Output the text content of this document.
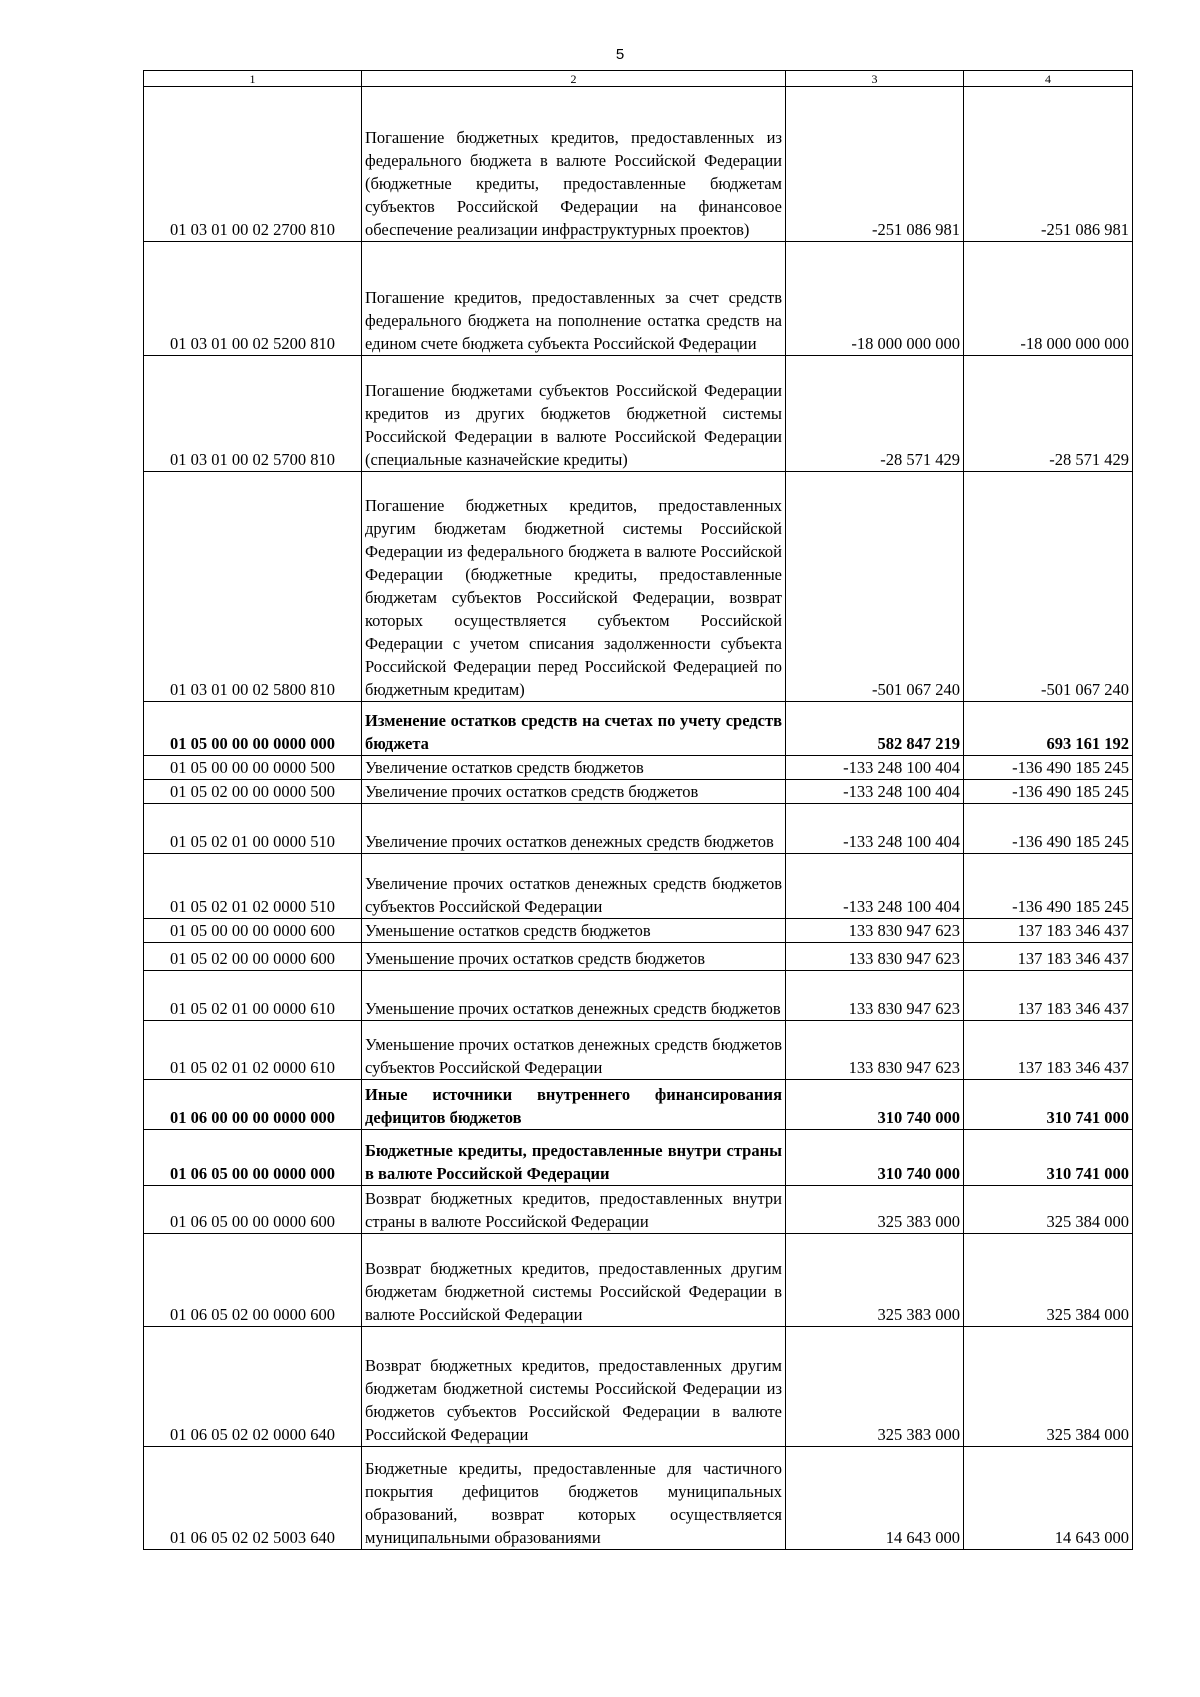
5
1	2	3	4
01 03 01 00 02 2700 810	Погашение бюджетных кредитов, предоставленных из федерального бюджета в валюте Российской Федерации (бюджетные кредиты, предоставленные бюджетам субъектов Российской Федерации на финансовое обеспечение реализации инфраструктурных проектов)	-251 086 981	-251 086 981
01 03 01 00 02 5200 810	Погашение кредитов, предоставленных за счет средств федерального бюджета на пополнение остатка средств на едином счете бюджета субъекта Российской Федерации	-18 000 000 000	-18 000 000 000
01 03 01 00 02 5700 810	Погашение бюджетами субъектов Российской Федерации кредитов из других бюджетов бюджетной системы Российской Федерации в валюте Российской Федерации (специальные казначейские кредиты)	-28 571 429	-28 571 429
01 03 01 00 02 5800 810	Погашение бюджетных кредитов, предоставленных другим бюджетам бюджетной системы Российской Федерации из федерального бюджета в валюте Российской Федерации (бюджетные кредиты, предоставленные бюджетам субъектов Российской Федерации, возврат которых осуществляется субъектом Российской Федерации с учетом списания задолженности субъекта Российской Федерации перед Российской Федерацией по бюджетным кредитам)	-501 067 240	-501 067 240
01 05 00 00 00 0000 000	Изменение остатков средств на счетах по учету средств бюджета	582 847 219	693 161 192
01 05 00 00 00 0000 500	Увеличение остатков средств бюджетов	-133 248 100 404	-136 490 185 245
01 05 02 00 00 0000 500	Увеличение прочих остатков средств бюджетов	-133 248 100 404	-136 490 185 245
01 05 02 01 00 0000 510	Увеличение прочих остатков денежных средств бюджетов	-133 248 100 404	-136 490 185 245
01 05 02 01 02 0000 510	Увеличение прочих остатков денежных средств бюджетов субъектов Российской Федерации	-133 248 100 404	-136 490 185 245
01 05 00 00 00 0000 600	Уменьшение остатков средств бюджетов	133 830 947 623	137 183 346 437
01 05 02 00 00 0000 600	Уменьшение прочих остатков средств бюджетов	133 830 947 623	137 183 346 437
01 05 02 01 00 0000 610	Уменьшение прочих остатков денежных средств бюджетов	133 830 947 623	137 183 346 437
01 05 02 01 02 0000 610	Уменьшение прочих остатков денежных средств бюджетов субъектов Российской Федерации	133 830 947 623	137 183 346 437
01 06 00 00 00 0000 000	Иные источники внутреннего финансирования дефицитов бюджетов	310 740 000	310 741 000
01 06 05 00 00 0000 000	Бюджетные кредиты, предоставленные внутри страны в валюте Российской Федерации	310 740 000	310 741 000
01 06 05 00 00 0000 600	Возврат бюджетных кредитов, предоставленных внутри страны в валюте Российской Федерации	325 383 000	325 384 000
01 06 05 02 00 0000 600	Возврат бюджетных кредитов, предоставленных другим бюджетам бюджетной системы Российской Федерации в валюте Российской Федерации	325 383 000	325 384 000
01 06 05 02 02 0000 640	Возврат бюджетных кредитов, предоставленных другим бюджетам бюджетной системы Российской Федерации из бюджетов субъектов Российской Федерации в валюте Российской Федерации	325 383 000	325 384 000
01 06 05 02 02 5003 640	Бюджетные кредиты, предоставленные для частичного покрытия дефицитов бюджетов муниципальных образований, возврат которых осуществляется муниципальными образованиями	14 643 000	14 643 000
